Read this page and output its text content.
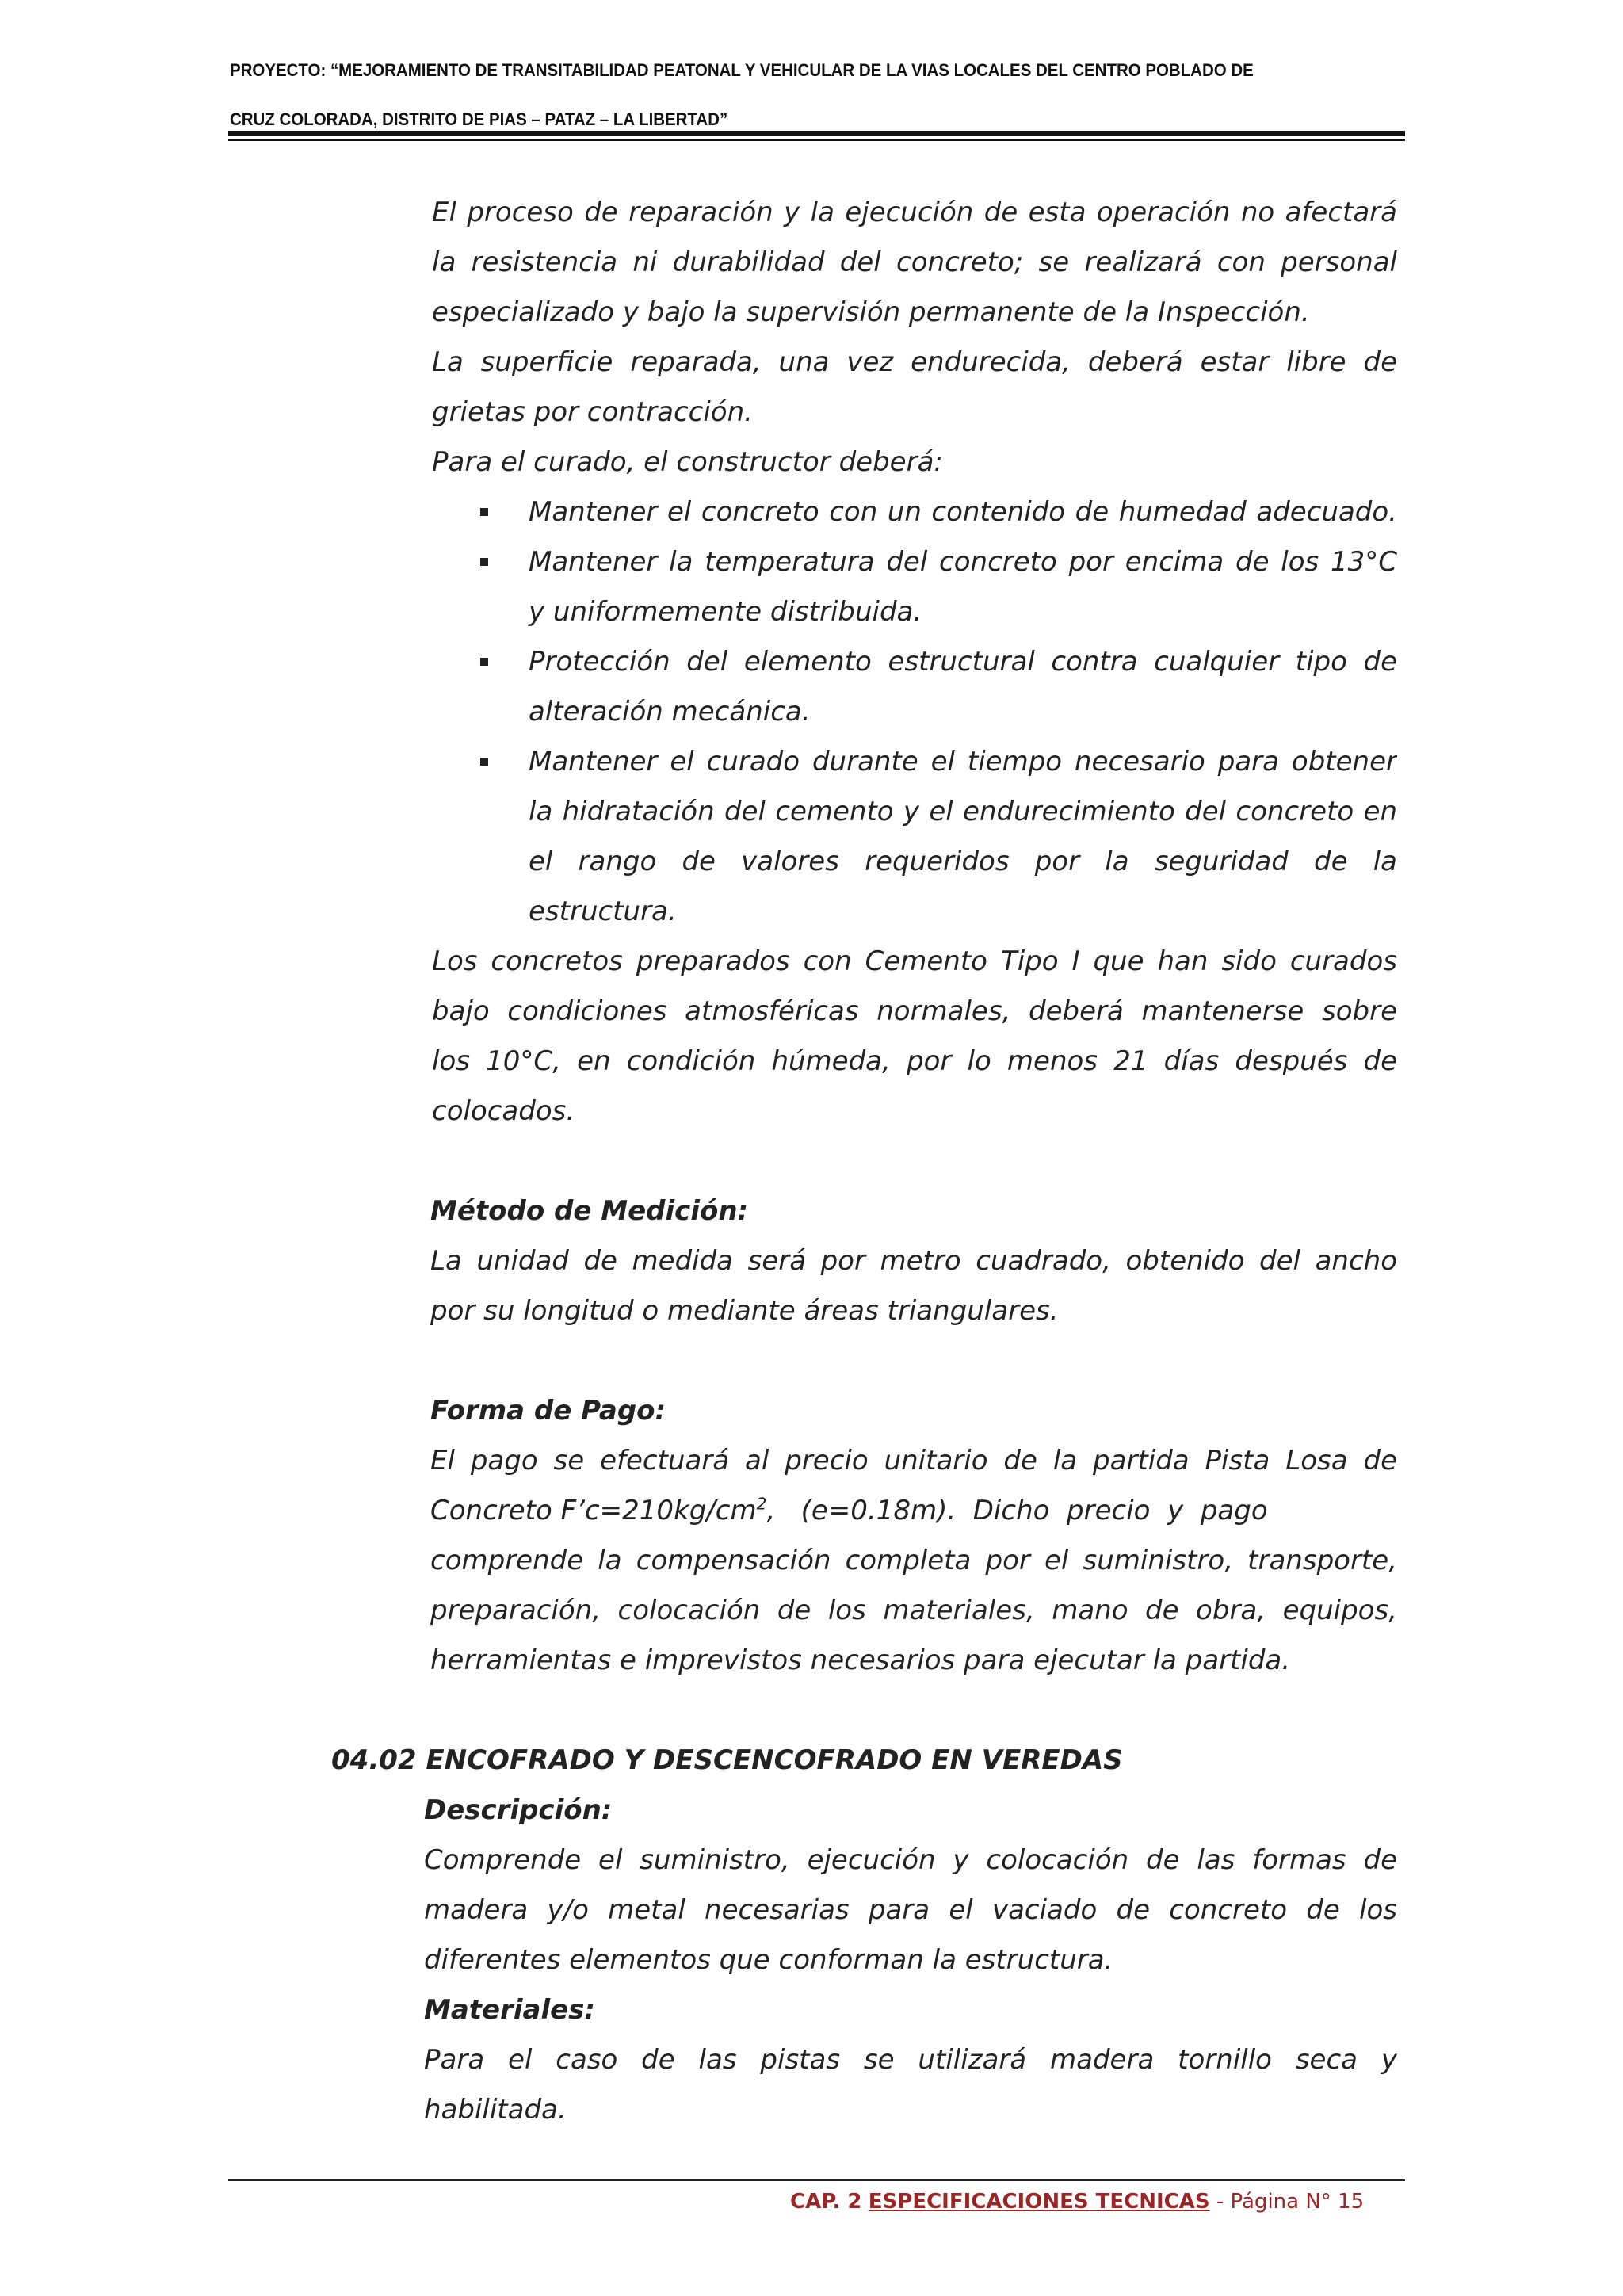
PROYECTO: “MEJORAMIENTO DE TRANSITABILIDAD PEATONAL Y VEHICULAR DE LA VIAS LOCALES DEL CENTRO POBLADO DE
CRUZ COLORADA, DISTRITO DE PIAS – PATAZ – LA LIBERTAD”
El proceso de reparación y la ejecución de esta operación no afectará
la resistencia ni durabilidad del concreto; se realizará con personal
especializado y bajo la supervisión permanente de la Inspección.
La superficie reparada, una vez endurecida, deberá estar libre de
grietas por contracción.
Para el curado, el constructor deberá:
Mantener el concreto con un contenido de humedad adecuado.
Mantener la temperatura del concreto por encima de los 13°C
y uniformemente distribuida.
Protección del elemento estructural contra cualquier tipo de
alteración mecánica.
Mantener el curado durante el tiempo necesario para obtener
la hidratación del cemento y el endurecimiento del concreto en
el rango de valores requeridos por la seguridad de la
estructura.
Los concretos preparados con Cemento Tipo I que han sido curados
bajo condiciones atmosféricas normales, deberá mantenerse sobre
los 10°C, en condición húmeda, por lo menos 21 días después de
colocados.
Método de Medición:
La unidad de medida será por metro cuadrado, obtenido del ancho
por su longitud o mediante áreas triangulares.
Forma de Pago:
El pago se efectuará al precio unitario de la partida Pista Losa de
Concreto $F’c=210kg/cm^2$,   (e=0.18m).  Dicho  precio  y  pago
comprende la compensación completa por el suministro, transporte,
preparación, colocación de los materiales, mano de obra, equipos,
herramientas e imprevistos necesarios para ejecutar la partida.
04.02 ENCOFRADO Y DESCENCOFRADO EN VEREDAS
Descripción:
Comprende el suministro, ejecución y colocación de las formas de
madera y/o metal necesarias para el vaciado de concreto de los
diferentes elementos que conforman la estructura.
Materiales:
Para el caso de las pistas se utilizará madera tornillo seca y
habilitada.
CAP. 2 ESPECIFICACIONES TECNICAS - Página N° 15
